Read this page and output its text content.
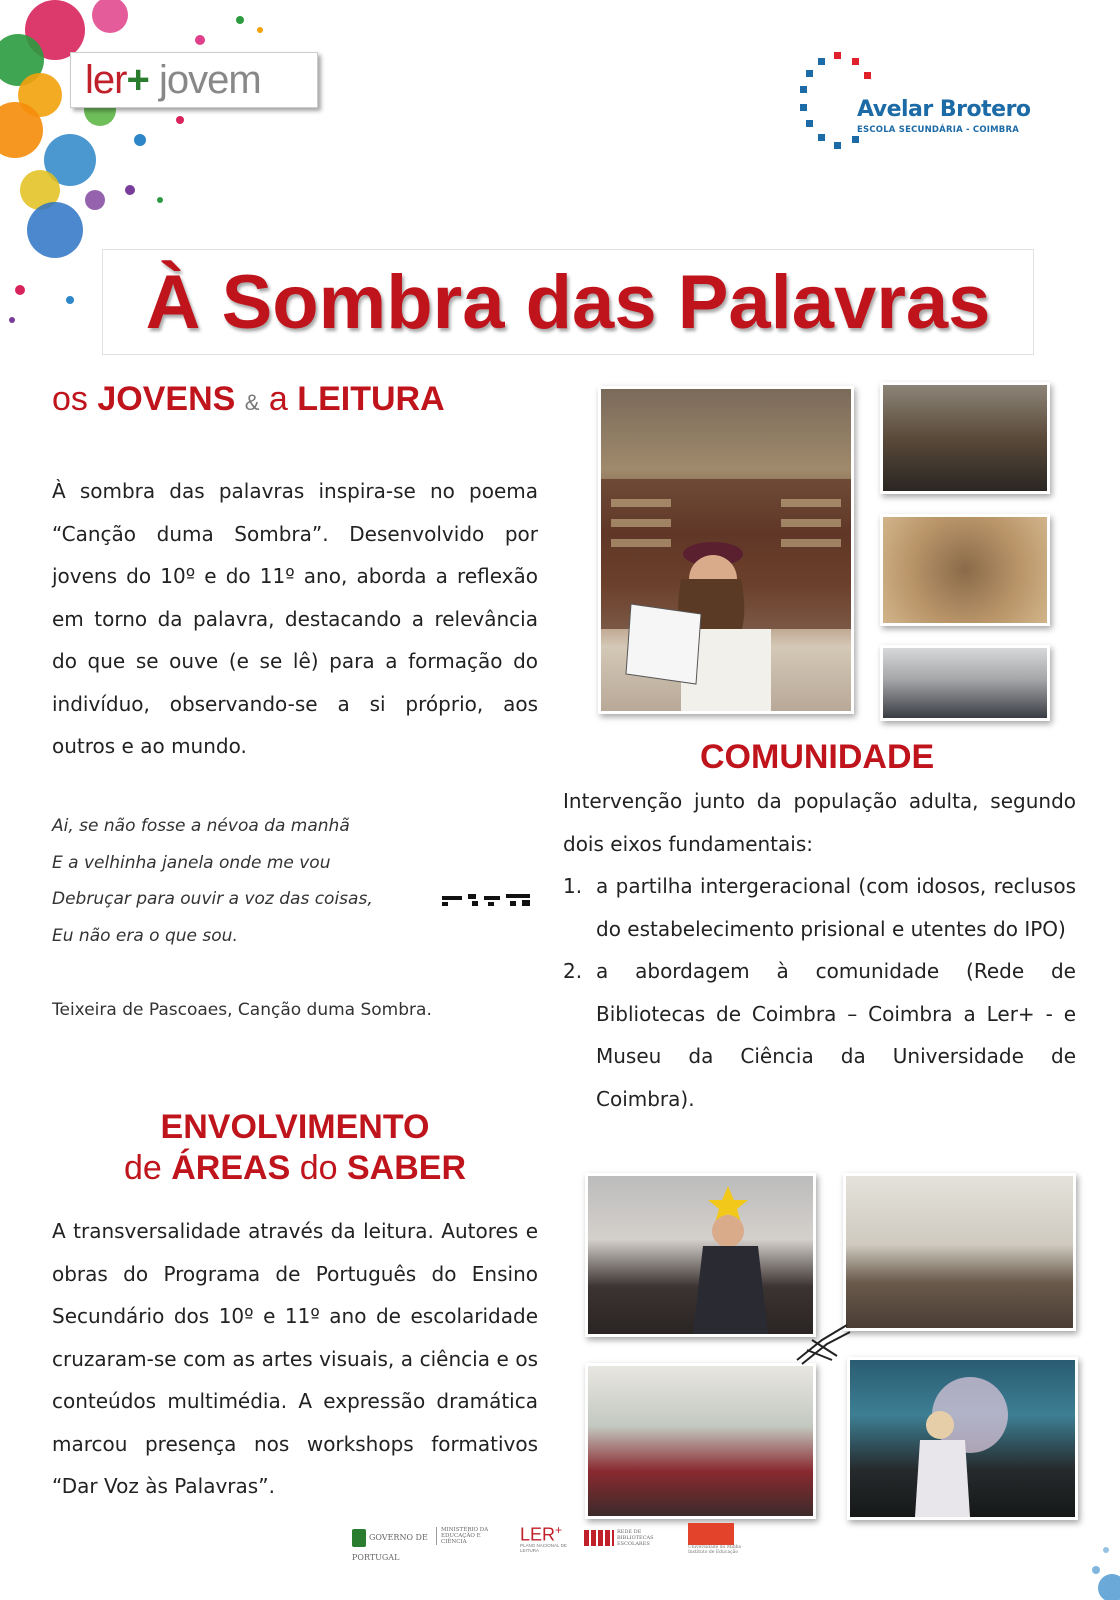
ler +
jovem
Avelar Brotero
ESCOLA SECUNDÁRIA - COIMBRA
À Sombra das Palavras
os JOVENS & a LEITURA
À sombra das palavras inspira-se no poema “Canção duma Sombra”. Desenvolvido por jovens do 10º e do 11º ano, aborda a reflexão em torno da palavra, destacando a relevância do que se ouve (e se lê) para a formação do indivíduo, observando-se a si próprio, aos outros e ao mundo.
Ai, se não fosse a névoa da manhã
E a velhinha janela onde me vou
Debruçar para ouvir a voz das coisas,
Eu não era o que sou.
Teixeira de Pascoaes, Canção duma Sombra.
ENVOLVIMENTO
de ÁREAS do SABER
A transversalidade através da leitura. Autores e obras do Programa de Português do Ensino Secundário dos 10º e 11º ano de escolaridade cruzaram-se com as artes visuais, a ciência e os conteúdos multimédia. A expressão dramática marcou presença nos workshops formativos “Dar Voz às Palavras”.
COMUNIDADE
Intervenção junto da população adulta, segundo dois eixos fundamentais:
1. a partilha intergeracional (com idosos, reclusos do estabelecimento prisional e utentes do IPO)
2. a abordagem à comunidade (Rede de Bibliotecas de Coimbra – Coimbra a Ler+ - e Museu da Ciência da Universidade de Coimbra).
GOVERNO DE PORTUGAL
MINISTÉRIO DA EDUCAÇÃO E CIÊNCIA	LER+
PLANO NACIONAL DE LEITURA
REDE DE BIBLIOTECAS ESCOLARES
Universidade do Minho
Instituto de Educação
